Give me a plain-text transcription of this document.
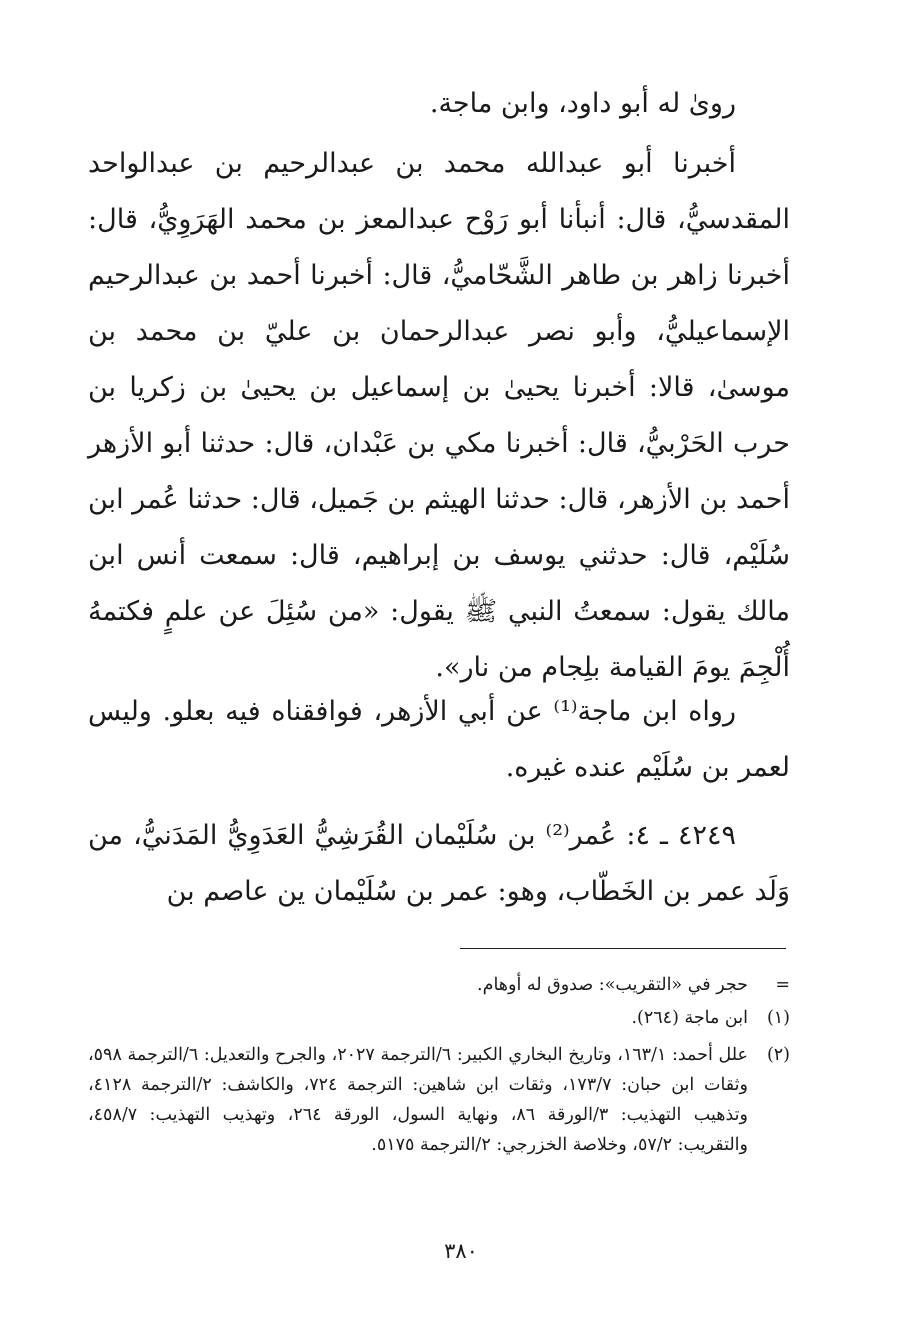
رویٰ له أبو داود، وابن ماجة.

أخبرنا أبو عبدالله محمد بن عبدالرحيم بن عبدالواحد المقدسيُّ، قال: أنبأنا أبو رَوْح عبدالمعز بن محمد الهَرَوِيُّ، قال: أخبرنا زاهر بن طاهر الشَّحّاميُّ، قال: أخبرنا أحمد بن عبدالرحيم الإسماعيليُّ، وأبو نصر عبدالرحمان بن عليّ بن محمد بن موسیٰ، قالا: أخبرنا يحيیٰ بن إسماعيل بن يحيیٰ بن زكريا بن حرب الحَرْبيُّ، قال: أخبرنا مكي بن عَبْدان، قال: حدثنا أبو الأزهر أحمد بن الأزهر، قال: حدثنا الهيثم بن جَميل، قال: حدثنا عُمر ابن سُلَيْم، قال: حدثني يوسف بن إبراهيم، قال: سمعت أنس ابن مالك يقول: سمعتُ النبي ﷺ يقول: «من سُئِلَ عن علمٍ فكتمهُ أُلْجِمَ يومَ القيامة بلِجام من نار».

رواه ابن ماجة⁽¹⁾ عن أبي الأزهر، فوافقناه فيه بعلو. وليس لعمر بن سُلَيْم عنده غيره.

٤٢٤٩ ـ ٤: عُمر⁽²⁾ بن سُلَيْمان القُرَشِيُّ العَدَوِيُّ المَدَنيُّ، من وَلَد عمر بن الخَطّاب، وهو: عمر بن سُلَيْمان ين عاصم بن

=
حجر في «التقريب»: صدوق له أوهام.
(١)
ابن ماجة (٢٦٤).
(٢)
علل أحمد: ١٦٣/١، وتاريخ البخاري الكبير: ٦/الترجمة ٢٠٢٧، والجرح والتعديل: ٦/الترجمة ٥٩٨، وثقات ابن حبان: ١٧٣/٧، وثقات ابن شاهين: الترجمة ٧٢٤، والكاشف: ٢/الترجمة ٤١٢٨، وتذهيب التهذيب: ٣/الورقة ٨٦، ونهاية السول، الورقة ٢٦٤، وتهذيب التهذيب: ٤٥٨/٧، والتقريب: ٥٧/٢، وخلاصة الخزرجي: ٢/الترجمة ٥١٧٥.
٣٨٠
